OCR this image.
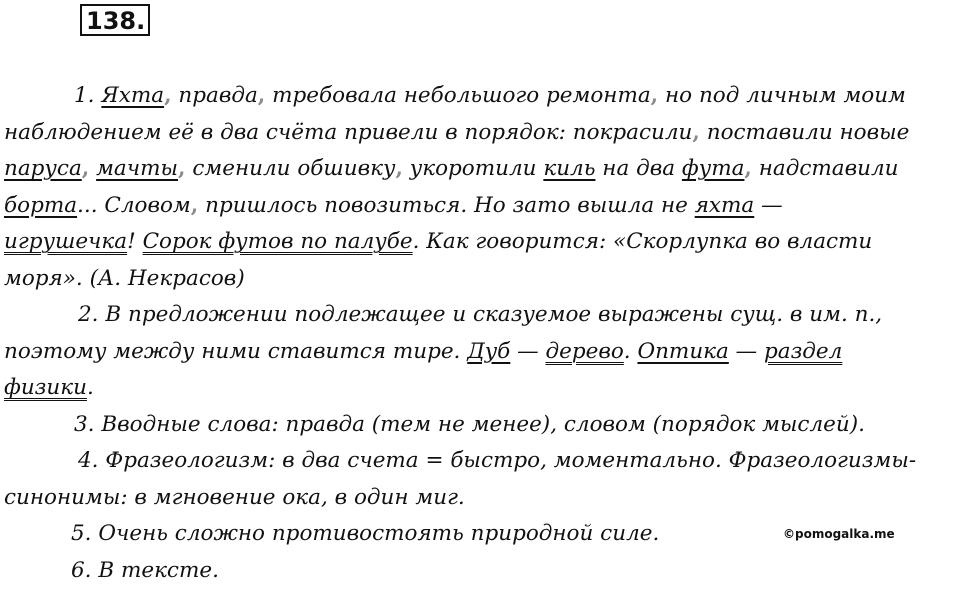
138.
1. Яхта, правда, требовала небольшого ремонта, но под личным моим
наблюдением её в два счёта привели в порядок: покрасили, поставили новые
паруса, мачты, сменили обшивку, укоротили киль на два фута, надставили
борта... Словом, пришлось повозиться. Но зато вышла не яхта —
игрушечка! Сорок футов по палубе. Как говорится: «Скорлупка во власти
моря». (А. Некрасов)
2. В предложении подлежащее и сказуемое выражены сущ. в им. п.,
поэтому между ними ставится тире. Дуб — дерево. Оптика — раздел
физики.
3. Вводные слова: правда (тем не менее), словом (порядок мыслей).
4. Фразеологизм: в два счета = быстро, моментально. Фразеологизмы-
синонимы: в мгновение ока, в один миг.
5. Очень сложно противостоять природной силе.
6. В тексте.
©pomogalka.me
